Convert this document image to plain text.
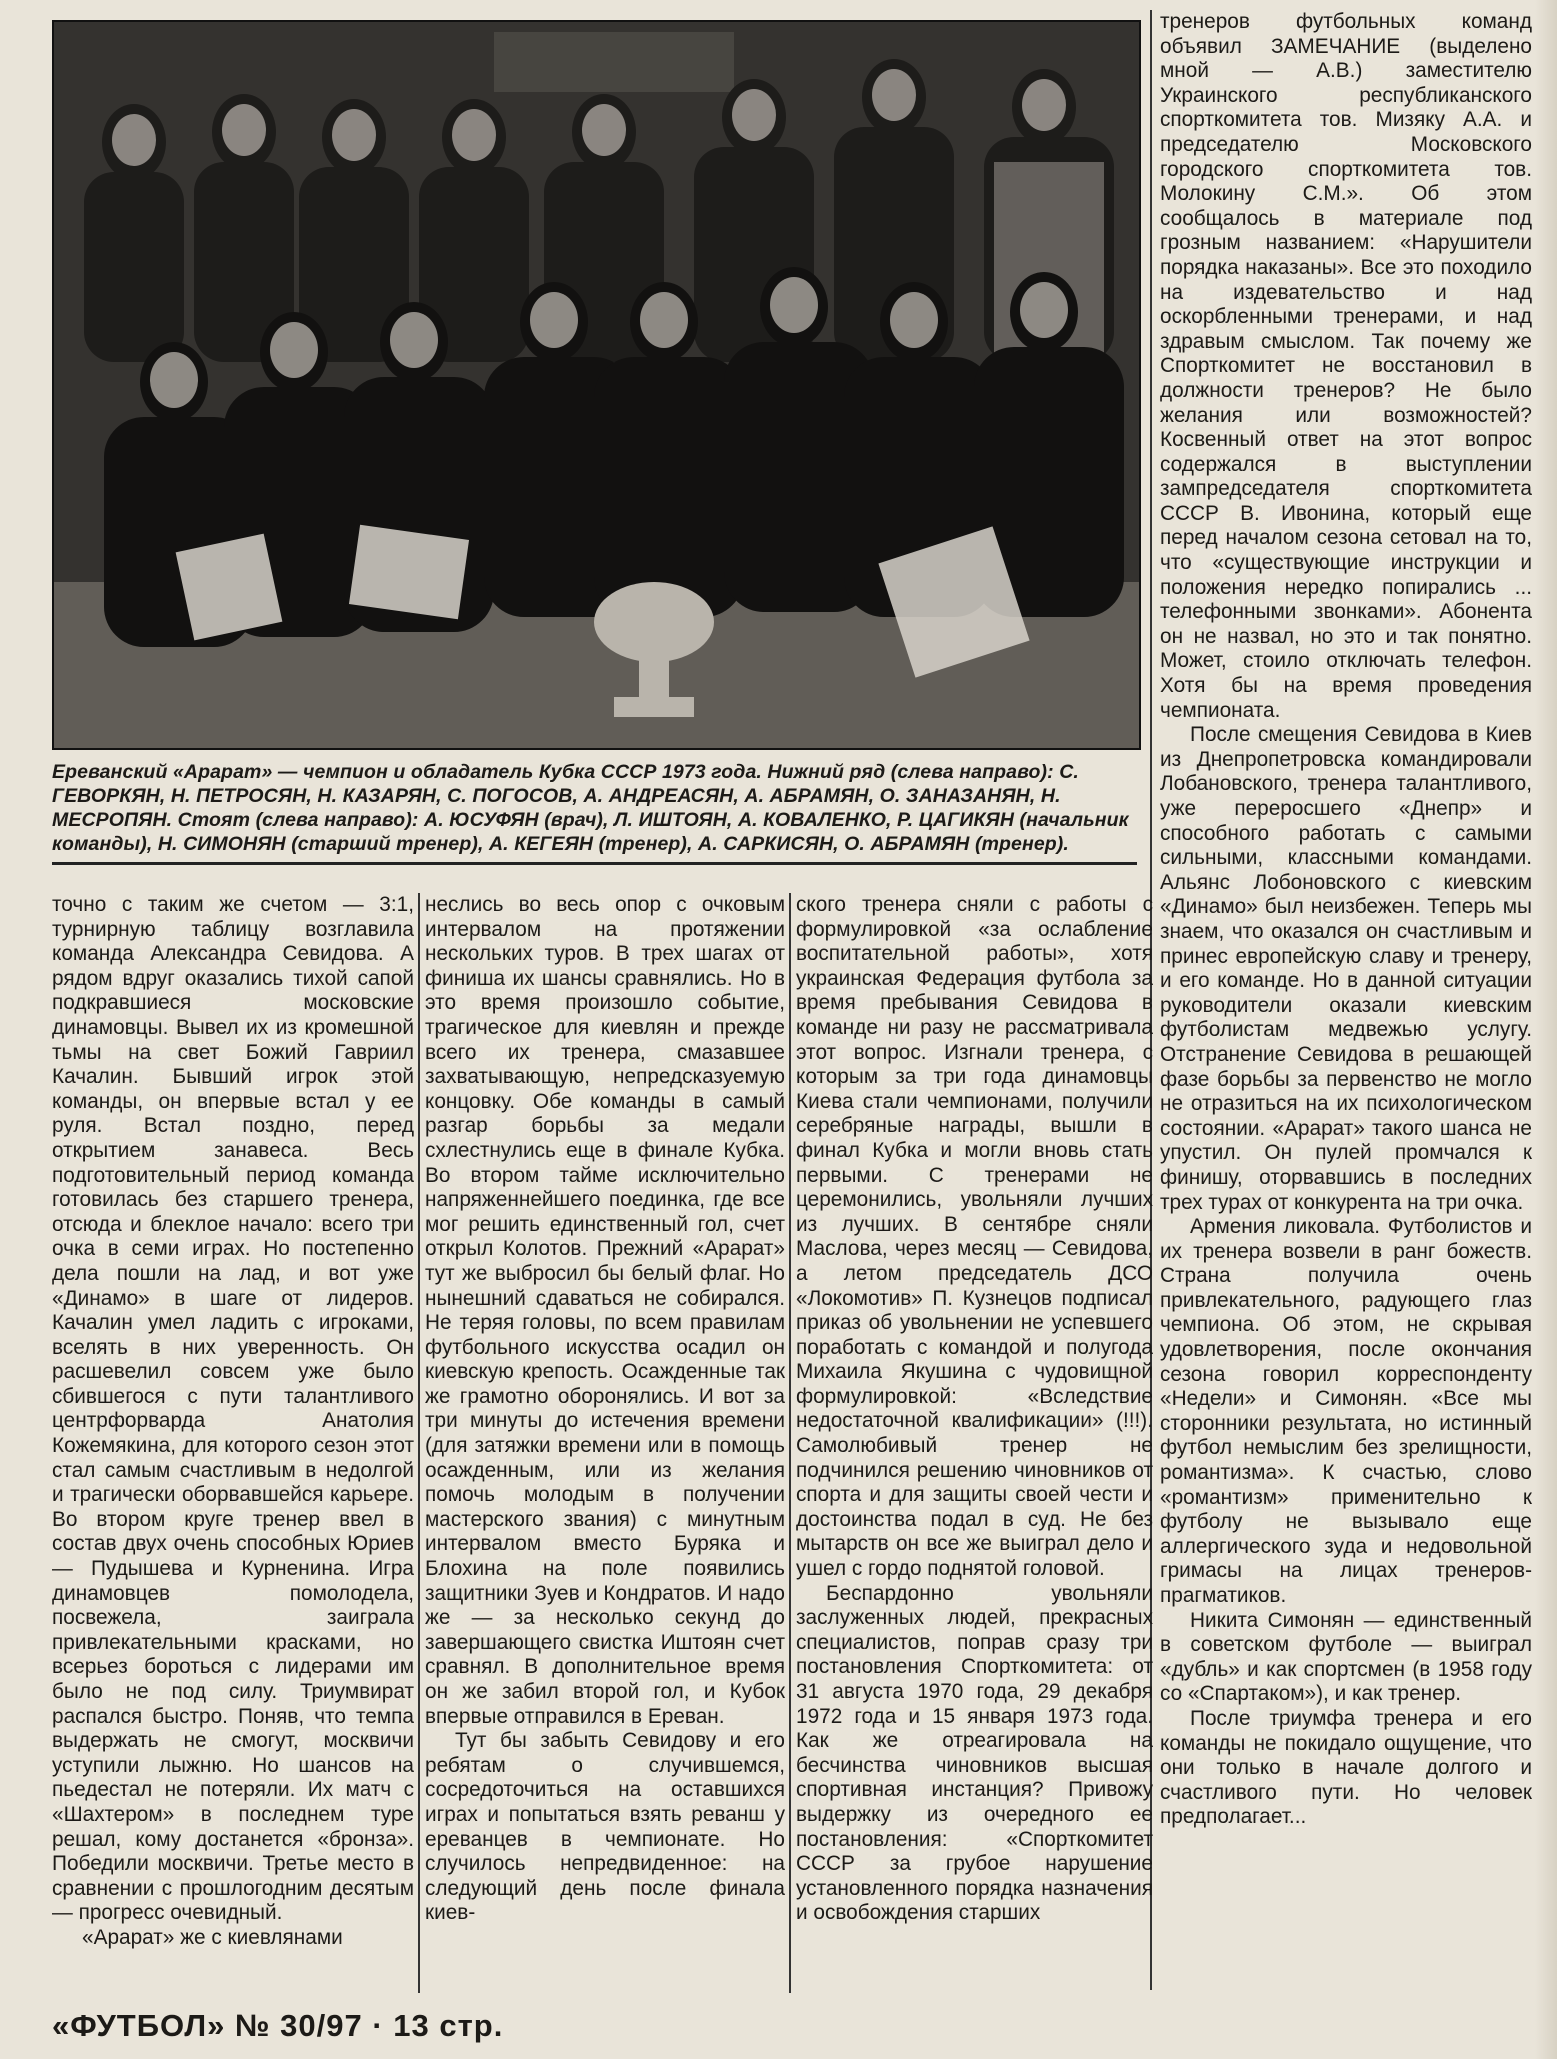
Ереванский «Арарат» — чемпион и обладатель Кубка СССР 1973 года. Нижний ряд (слева направо): С. ГЕВОРКЯН, Н. ПЕТРОСЯН, Н. КАЗАРЯН, С. ПОГОСОВ, А. АНДРЕАСЯН, А. АБРАМЯН, О. ЗАНАЗАНЯН, Н. МЕСРОПЯН. Стоят (слева направо): А. ЮСУФЯН (врач), Л. ИШТОЯН, А. КОВАЛЕНКО, Р. ЦАГИКЯН (начальник команды), Н. СИМОНЯН (старший тренер), А. КЕГЕЯН (тренер), А. САРКИСЯН, О. АБРАМЯН (тренер).

тренеров футбольных команд объявил ЗАМЕЧАНИЕ (выделено мной — А.В.) заместителю Украинского республиканского спорткомитета тов. Мизяку А.А. и председателю Московского городского спорткомитета тов. Молокину С.М.». Об этом сообщалось в материале под грозным названием: «Нарушители порядка наказаны». Все это походило на издевательство и над оскорбленными тренерами, и над здравым смыслом. Так почему же Спорткомитет не восстановил в должности тренеров? Не было желания или возможностей? Косвенный ответ на этот вопрос содержался в выступлении зампредседателя спорткомитета СССР В. Ивонина, который еще перед началом сезона сетовал на то, что «существующие инструкции и положения нередко попирались ... телефонными звонками». Абонента он не назвал, но это и так понятно. Может, стоило отключать телефон. Хотя бы на время проведения чемпионата.

После смещения Севидова в Киев из Днепропетровска командировали Лобановского, тренера талантливого, уже переросшего «Днепр» и способного работать с самыми сильными, классными командами. Альянс Лобоновского с киевским «Динамо» был неизбежен. Теперь мы знаем, что оказался он счастливым и принес европейскую славу и тренеру, и его команде. Но в данной ситуации руководители оказали киевским футболистам медвежью услугу. Отстранение Севидова в решающей фазе борьбы за первенство не могло не отразиться на их психологическом состоянии. «Арарат» такого шанса не упустил. Он пулей промчался к финишу, оторвавшись в последних трех турах от конкурента на три очка.

Армения ликовала. Футболистов и их тренера возвели в ранг божеств. Страна получила очень привлекательного, радующего глаз чемпиона. Об этом, не скрывая удовлетворения, после окончания сезона говорил корреспонденту «Недели» и Симонян. «Все мы сторонники результата, но истинный футбол немыслим без зрелищности, романтизма». К счастью, слово «романтизм» применительно к футболу не вызывало еще аллергического зуда и недовольной гримасы на лицах тренеров-прагматиков.

Никита Симонян — единственный в советском футболе — выиграл «дубль» и как спортсмен (в 1958 году со «Спартаком»), и как тренер.

После триумфа тренера и его команды не покидало ощущение, что они только в начале долгого и счастливого пути. Но человек предполагает...

точно с таким же счетом — 3:1, турнирную таблицу возглавила команда Александра Севидова. А рядом вдруг оказались тихой сапой подкравшиеся московские динамовцы. Вывел их из кромешной тьмы на свет Божий Гавриил Качалин. Бывший игрок этой команды, он впервые встал у ее руля. Встал поздно, перед открытием занавеса. Весь подготовительный период команда готовилась без старшего тренера, отсюда и блеклое начало: всего три очка в семи играх. Но постепенно дела пошли на лад, и вот уже «Динамо» в шаге от лидеров. Качалин умел ладить с игроками, вселять в них уверенность. Он расшевелил совсем уже было сбившегося с пути талантливого центрфорварда Анатолия Кожемякина, для которого сезон этот стал самым счастливым в недолгой и трагически оборвавшейся карьере. Во втором круге тренер ввел в состав двух очень способных Юриев — Пудышева и Курненина. Игра динамовцев помолодела, посвежела, заиграла привлекательными красками, но всерьез бороться с лидерами им было не под силу. Триумвират распался быстро. Поняв, что темпа выдержать не смогут, москвичи уступили лыжню. Но шансов на пьедестал не потеряли. Их матч с «Шахтером» в последнем туре решал, кому достанется «бронза». Победили москвичи. Третье место в сравнении с прошлогодним десятым — прогресс очевидный.

«Арарат» же с киевлянами

неслись во весь опор с очковым интервалом на протяжении нескольких туров. В трех шагах от финиша их шансы сравнялись. Но в это время произошло событие, трагическое для киевлян и прежде всего их тренера, смазавшее захватывающую, непредсказуемую концовку. Обе команды в самый разгар борьбы за медали схлестнулись еще в финале Кубка. Во втором тайме исключительно напряженнейшего поединка, где все мог решить единственный гол, счет открыл Колотов. Прежний «Арарат» тут же выбросил бы белый флаг. Но нынешний сдаваться не собирался. Не теряя головы, по всем правилам футбольного искусства осадил он киевскую крепость. Осажденные так же грамотно оборонялись. И вот за три минуты до истечения времени (для затяжки времени или в помощь осажденным, или из желания помочь молодым в получении мастерского звания) с минутным интервалом вместо Буряка и Блохина на поле появились защитники Зуев и Кондратов. И надо же — за несколько секунд до завершающего свистка Иштоян счет сравнял. В дополнительное время он же забил второй гол, и Кубок впервые отправился в Ереван.

Тут бы забыть Севидову и его ребятам о случившемся, сосредоточиться на оставшихся играх и попытаться взять реванш у ереванцев в чемпионате. Но случилось непредвиденное: на следующий день после финала киев-

ского тренера сняли с работы с формулировкой «за ослабление воспитательной работы», хотя украинская Федерация футбола за время пребывания Севидова в команде ни разу не рассматривала этот вопрос. Изгнали тренера, с которым за три года динамовцы Киева стали чемпионами, получили серебряные награды, вышли в финал Кубка и могли вновь стать первыми. С тренерами не церемонились, увольняли лучших из лучших. В сентябре сняли Маслова, через месяц — Севидова, а летом председатель ДСО «Локомотив» П. Кузнецов подписал приказ об увольнении не успевшего поработать с командой и полугода Михаила Якушина с чудовищной формулировкой: «Вследствие недостаточной квалификации» (!!!). Самолюбивый тренер не подчинился решению чиновников от спорта и для защиты своей чести и достоинства подал в суд. Не без мытарств он все же выиграл дело и ушел с гордо поднятой головой.

Беспардонно увольняли заслуженных людей, прекрасных специалистов, поправ сразу три постановления Спорткомитета: от 31 августа 1970 года, 29 декабря 1972 года и 15 января 1973 года. Как же отреагировала на бесчинства чиновников высшая спортивная инстанция? Привожу выдержку из очередного ее постановления: «Спорткомитет СССР за грубое нарушение установленного порядка назначения и освобождения старших

«ФУТБОЛ» № 30/97 · 13 стр.
